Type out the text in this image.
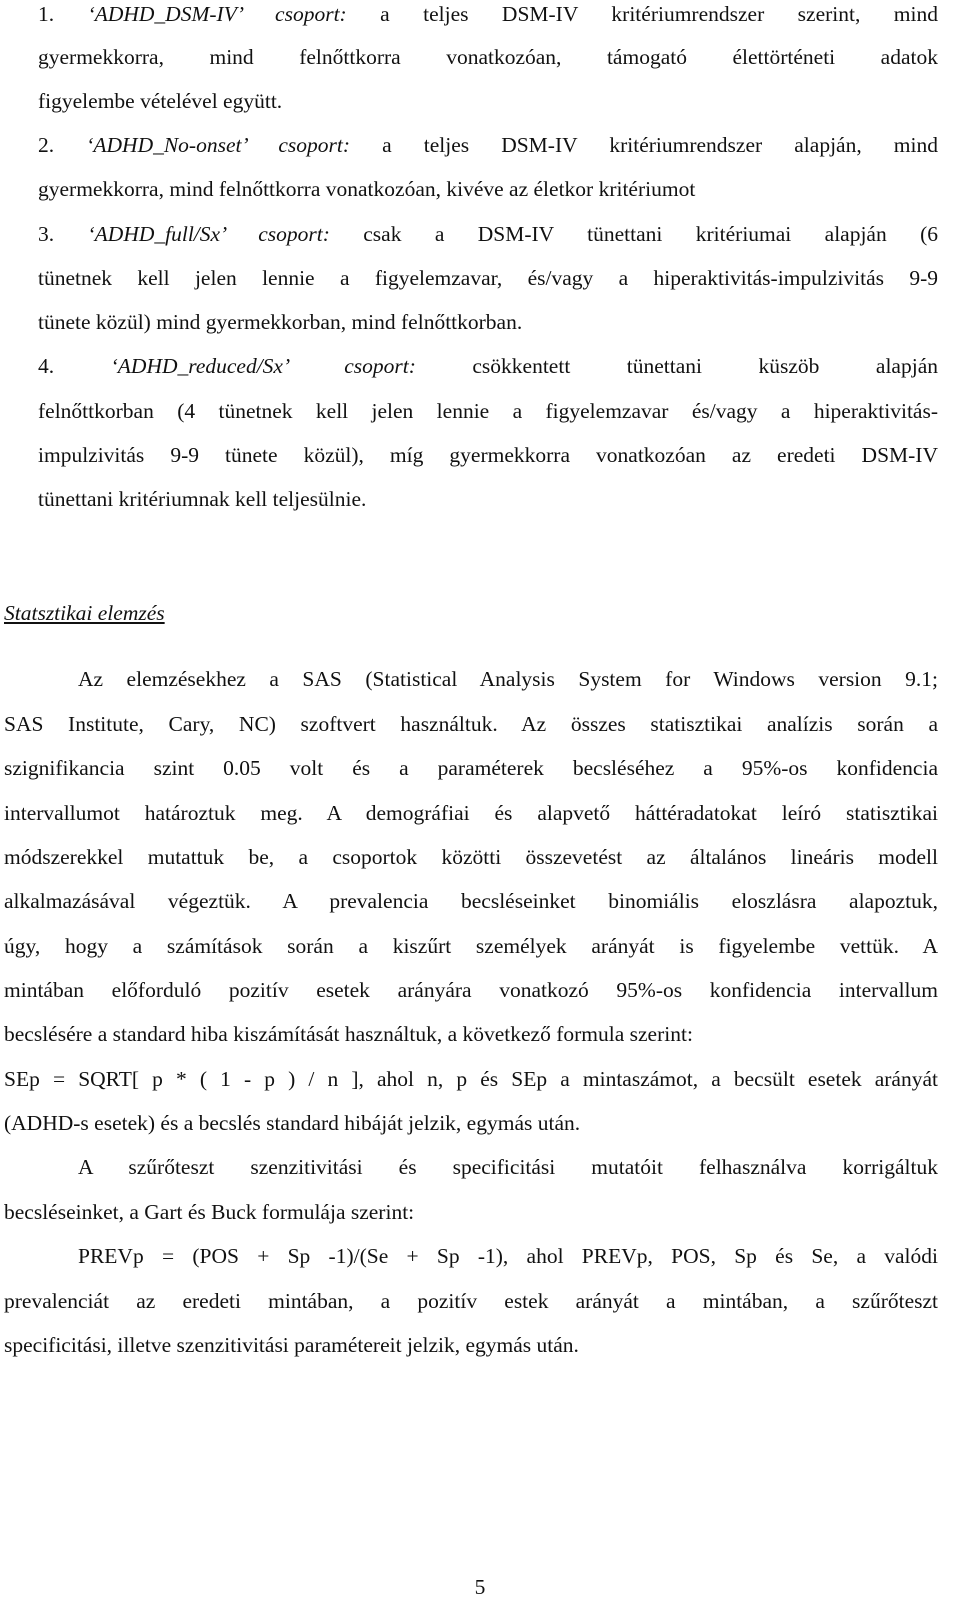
1. ‘ADHD_DSM-IV’ csoport: a teljes DSM-IV kritériumrendszer szerint, mind
gyermekkorra, mind felnőttkorra vonatkozóan, támogató élettörténeti adatok
figyelembe vételével együtt.
2. ‘ADHD_No-onset’ csoport: a teljes DSM-IV kritériumrendszer alapján, mind
gyermekkorra, mind felnőttkorra vonatkozóan, kivéve az életkor kritériumot
3. ‘ADHD_full/Sx’ csoport: csak a DSM-IV tünettani kritériumai alapján (6
tünetnek kell jelen lennie a figyelemzavar, és/vagy a hiperaktivitás-impulzivitás 9-9
tünete közül) mind gyermekkorban, mind felnőttkorban.
4.	‘ADHD_reduced/Sx’ csoport: csökkentett tünettani küszöb alapján
felnőttkorban (4 tünetnek kell jelen lennie a figyelemzavar és/vagy a hiperaktivitás-
impulzivitás 9-9 tünete közül), míg gyermekkorra vonatkozóan az eredeti DSM-IV
tünettani kritériumnak kell teljesülnie.
Statsztikai elemzés
Az elemzésekhez a SAS (Statistical Analysis System for Windows version 9.1;
SAS Institute, Cary, NC) szoftvert használtuk. Az összes statisztikai analízis során a
szignifikancia szint 0.05 volt és a paraméterek becsléséhez a 95%-os konfidencia
intervallumot határoztuk meg. A demográfiai és alapvető háttéradatokat leíró statisztikai
módszerekkel mutattuk be, a csoportok közötti összevetést az általános lineáris modell
alkalmazásával végeztük. A prevalencia becsléseinket binomiális eloszlásra alapoztuk,
úgy, hogy a számítások során a kiszűrt személyek arányát is figyelembe vettük. A
mintában előforduló pozitív esetek arányára vonatkozó 95%-os konfidencia intervallum
becslésére a standard hiba kiszámítását használtuk, a következő formula szerint:
SEp = SQRT[ p * ( 1 - p ) / n ], ahol n, p és SEp a mintaszámot, a becsült esetek arányát
(ADHD-s esetek) és a becslés standard hibáját jelzik, egymás után.
A szűrőteszt szenzitivitási és specificitási mutatóit felhasználva korrigáltuk
becsléseinket, a Gart és Buck formulája szerint:
PREVp = (POS + Sp -1)/(Se + Sp -1), ahol PREVp, POS, Sp és Se, a valódi
prevalenciát az eredeti mintában, a pozitív estek arányát a mintában, a szűrőteszt
specificitási, illetve szenzitivitási paramétereit jelzik, egymás után.
5
